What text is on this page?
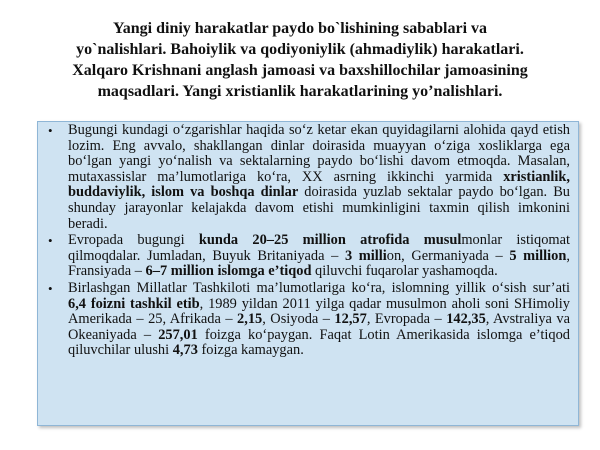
Yangi diniy harakatlar paydo bo`lishining sabablari va
yo`nalishlari. Bahoiylik va qodiyoniylik (ahmadiylik) harakatlari.
Xalqaro Krishnani anglash jamoasi va baxshillochilar jamoasining
maqsadlari. Yangi xristianlik harakatlarining yo’nalishlari.
• Bugungi kundagi o‘zgarishlar haqida so‘z ketar ekan quyidagilarni alohida qayd etish lozim. Eng avvalo, shakllangan dinlar doirasida muayyan o‘ziga xosliklarga ega bo‘lgan yangi yo‘nalish va sektalarning paydo bo‘lishi davom etmoqda. Masalan, mutaxassislar ma’lumotlariga ko‘ra, XX asrning ikkinchi yarmida xristianlik, buddaviylik, islom va boshqa dinlar doirasida yuzlab sektalar paydo bo‘lgan. Bu shunday jarayonlar kelajakda davom etishi mumkinligini taxmin qilish imkonini beradi.
• Evropada bugungi kunda 20–25 million atrofida musulmonlar istiqomat qilmoqdalar. Jumladan, Buyuk Britaniyada – 3 million, Germaniyada – 5 million, Fransiyada – 6–7 million islomga e’tiqod qiluvchi fuqarolar yashamoqda.
• Birlashgan Millatlar Tashkiloti ma’lumotlariga ko‘ra, islomning yillik o‘sish sur’ati 6,4 foizni tashkil etib, 1989 yildan 2011 yilga qadar musulmon aholi soni SHimoliy Amerikada – 25, Afrikada – 2,15, Osiyoda – 12,57, Evropada – 142,35, Avstraliya va Okeaniyada – 257,01 foizga ko‘paygan. Faqat Lotin Amerikasida islomga e’tiqod qiluvchilar ulushi 4,73 foizga kamaygan.
